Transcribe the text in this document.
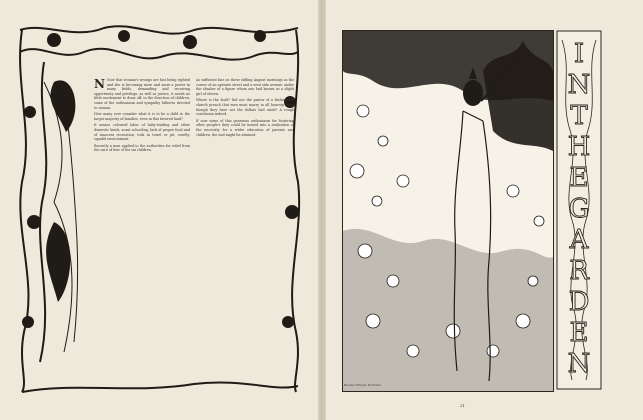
N Now that woman's wrongs are fast being righted and she is becoming more and more a power in many fields, demanding and receiving opportunity and privilege, as well as justice, it needs no little excitement to draw off, in the direction of children, some of the enthusiasm and sympathy hitherto devoted to woman.

How many ever consider what it is to be a child in the larger majority of families, even in this favored land?

It means coloured labor of baby-tending and other domestic kinds; scant schooling, lack of proper food and of innocent recreation, toils in towel or pit, cruelty, squalid environment.

Recently a man applied to the authorities for relief from the care of four of his six children.

As sufficient line on these stifling August mornings as the corner of an upstairs street and a west side avenue, under the shadow of a figure whom one had known as a slight girl of eleven.

Where is the fault? Did not the pastor of a fashionable church preach that men must marry in all honesty, even though they have not the dollars laid aside? A rough conclusion indeed.

If now some of this generous enthusiasm for fostering other people's duty could be turned into a realization of the necessity for a wider education of parents and children, the end might be attained.

I
N
T
H
E
G
A
R
D
E
N
Reader Pringle Portraits
21
